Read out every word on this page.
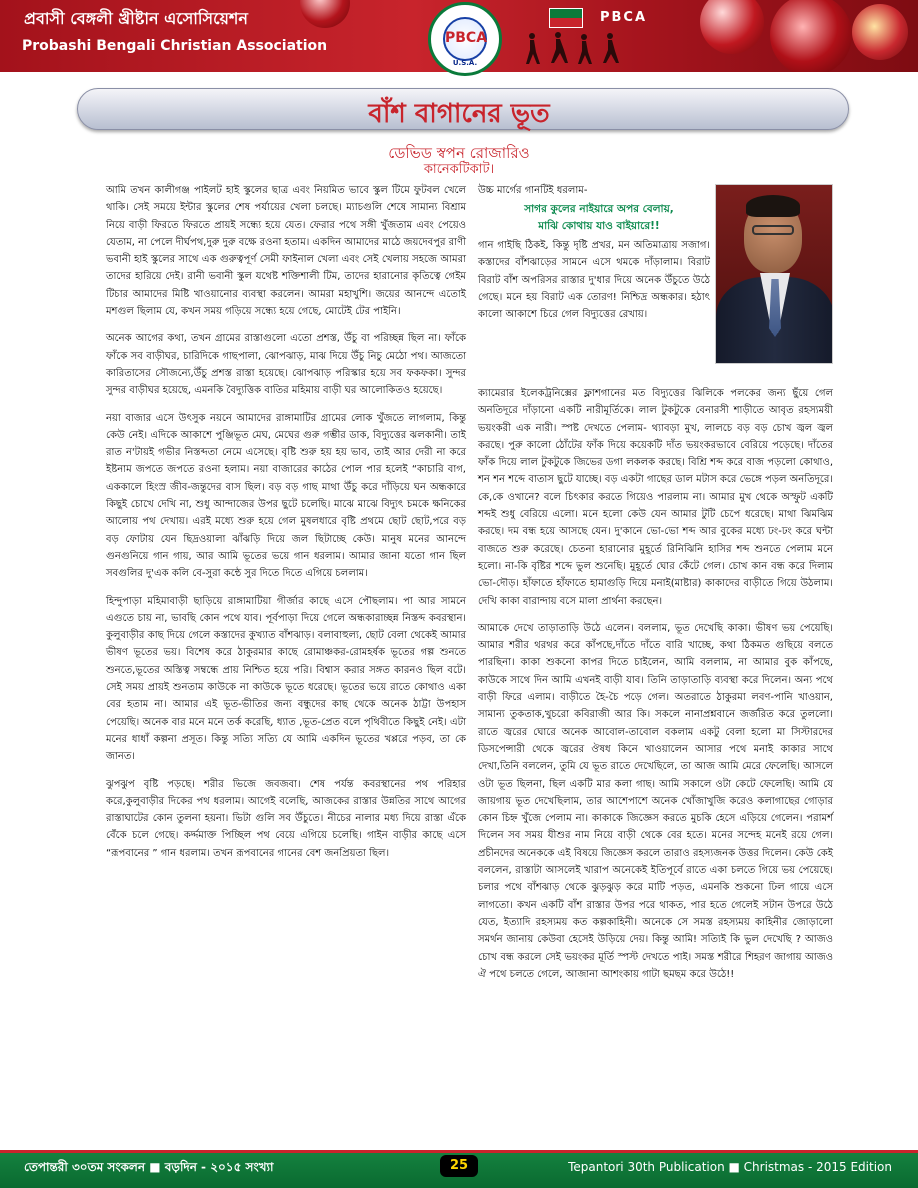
প্রবাসী বেঙ্গলী খ্রীষ্টান এসোসিয়েশন
Probashi Bengali Christian Association
PBCA
PBCA
U.S.A.
বাঁশ বাগানের ভূত
ডেভিড স্বপন রোজারিও
কানেকটিকাট।

আমি তখন কালীগঞ্জ পাইলট হাই স্কুলের ছাত্র এবং নিয়মিত ভাবে স্কুল টিমে ফুটবল খেলে থাকি। সেই সময়ে ইন্টার স্কুলের শেষ পর্যায়ের খেলা চলছে। ম্যাচগুলি শেষে সামান্য বিশ্রাম নিয়ে বাড়ী ফিরতে ফিরতে প্রায়ই সন্ধ্যে হয়ে যেত। ফেরার পথে সঙ্গী খুঁজতাম এবং পেয়েও যেতাম, না পেলে দীর্ঘপথ,দুরু দুরু বক্ষে রওনা হতাম। একদিন আমাদের মাঠে জয়দেবপুর রাণী ভবানী হাই স্কুলের সাথে এক গুরুত্বপূর্ণ সেমী ফাইনাল খেলা এবং সেই খেলায় সহজে আমরা তাদের হারিয়ে দেই। রানী ভবানী স্কুল যথেষ্ট শক্তিশালী টিম, তাদের হারানোর কৃতিত্বে গেইম টিচার আমাদের মিষ্টি খাওয়ানোর ব্যবস্থা করলেন। আমরা মহাখুশি। জয়ের আনন্দে এতোই মশগুল ছিলাম যে, কখন সময় গড়িয়ে সন্ধ্যে হয়ে গেছে, মোটেই টের পাইনি।

অনেক আগের কথা, তখন গ্রামের রাস্তাগুলো এতো প্রশস্ত, উঁচু বা পরিচ্ছন্ন ছিল না। ফাঁকে ফাঁকে সব বাড়ীঘর, চারিদিকে গাছপালা, ঝোপঝাড়, মাঝ দিয়ে উঁচু নিচু মেঠো পথ। আজতো কারিতাসের সৌজন্যে,উঁচু প্রশস্ত রাস্তা হয়েছে। ঝোপঝাড় পরিস্কার হয়ে সব ফকফকা। সুন্দর সুন্দর বাড়ীঘর হয়েছে, এমনকি বৈদ্যুত্তিক বাতির মহিমায় বাড়ী ঘর আলোকিতও হয়েছে।

নয়া বাজার এসে উৎসুক নয়নে আমাদের রাঙ্গামাটির গ্রামের লোক খুঁজতে লাগলাম, কিন্তু কেউ নেই। এদিকে আকাশে পুঞ্জিভূত মেঘ, মেঘের গুরু গম্ভীর ডাক, বিদ্যুত্তের ঝলকানী। তাই রাত ন'টায়ই গভীর নিস্তব্দতা নেমে এসেছে। বৃষ্টি শুরু হয় হয় ভাব, তাই আর দেরী না করে ইষ্টনাম জপতে জপতে রওনা হলাম। নয়া বাজারের কাঠের পোল পার হলেই “কাচারি বাগ, এককালে হিংস্র জীব-জন্তুদের বাস ছিল। বড় বড় গাছ মাথা উঁচু করে দাঁড়িয়ে ঘন অন্ধকারে কিছুই চোখে দেখি না, শুধু আন্দাজের উপর ছুটে চলেছি। মাঝে মাঝে বিদ্যুৎ চমকে ক্ষনিকের আলোয় পথ দেখায়। এরই মধ্যে শুরু হয়ে গেল মুষলধারে বৃষ্টি প্রথমে ছোট ছোট,পরে বড় বড় ফোটায় যেন ছিদ্রওয়ালা ঝাঁঝড়ি দিয়ে জল ছিটাচ্ছে কেউ। মানুষ মনের আনন্দে গুনগুনিয়ে গান গায়, আর আমি ভূতের ভয়ে গান ধরলাম। আমার জানা যতো গান ছিল সবগুলির দু'এক কলি বে-সুরা কন্ঠে সুর দিতে দিতে এগিয়ে চললাম।

হিন্দুপাড়া মহিমাবাড়ী ছাড়িয়ে রাঙ্গামাটিয়া গীর্জার কাছে এসে পৌছলাম। পা আর সামনে এগুতে চায় না, ভাবছি কোন পথে যাব। পূর্বপাড়া দিয়ে গেলে অন্ধকারাচ্ছন্ন নিস্তব্দ কবরস্থান। কুলুবাড়ীর কাছ দিয়ে গেলে কস্তাদের কুখ্যাত বাঁশঝাড়। বলাবাহুল্য, ছোট বেলা থেকেই আমার ভীষণ ভূতের ভয়। বিশেষ করে ঠাকুরমার কাছে রোমাঞ্চকর-রোমহর্ষক ভূতের গল্প শুনতে শুনতে,ভূতের অস্তিত্ব সম্বন্ধে প্রায় নিশ্চিত হয়ে পরি। বিশ্বাস করার সঙ্গত কারনও ছিল বটে। সেই সময় প্রায়ই শুনতাম কাউকে না কাউকে ভূতে ধরেছে। ভূতের ভয়ে রাতে কোথাও একা বের হতাম না। আমার এই ভূত-ভীতির জন্য বন্ধুদের কাছ থেকে অনেক ঠাট্টা উপহাস পেয়েছি। অনেক বার মনে মনে তর্ক করেছি, ধ্যাত ,ভূত-প্রেত বলে পৃথিবীতে কিছুই নেই। এটা মনের ধাধাঁ কল্পনা প্রসূত। কিন্তু সত্যি সত্যি যে আমি একদিন ভূতের খপ্পরে পড়ব, তা কে জানত।

ঝুপঝুপ বৃষ্টি পড়ছে। শরীর ভিজে জবজবা। শেষ পর্যন্ত কবরস্থানের পথ পরিহার করে,কুলুবাড়ীর দিকের পথ ধরলাম। আগেই বলেছি, আজকের রাস্তার উন্নতির সাথে আগের রাস্তাঘাটের কোন তুলনা হয়না। ভিটা গুলি সব উঁচুতে। নীচের নালার মধ্য দিয়ে রাস্তা এঁকে বেঁকে চলে গেছে। কর্দ্দমাক্ত পিচ্ছিল পথ বেয়ে এগিয়ে চলেছি। গাইন বাড়ীর কাছে এসে “রূপবানের ” গান ধরলাম। তখন রূপবানের গানের বেশ জনপ্রিয়তা ছিল।

উচ্চ মার্গের গানটিই ধরলাম-
সাগর কুলের নাইয়ারে অপর বেলায়,
মাঝি কোথায় যাও বাইয়ারে!!
গান গাইছি ঠিকই, কিন্তু দৃষ্টি প্রখর, মন অতিমাত্রায় সজাগ। কস্তাদের বাঁশঝাড়ের সামনে এসে থমকে দাঁড়ালাম। বিরাট বিরাট বাঁশ অপরিসর রাস্তার দু'ধার দিয়ে অনেক উঁচুতে উঠে গেছে। মনে হয় বিরাট এক তোরণ! নিশ্চিদ্র অন্ধকার। হঠাৎ কালো আকাশে চিরে গেল বিদ্যুত্তের রেখায়।

ক্যামেরার ইলেকট্রনিক্সের ফ্লাশগানের মত বিদ্যুত্তের ঝিলিকে পলকের জন্য ছুঁয়ে গেল অনতিদূরে দাঁড়ানো একটি নারীমূর্তিকে। লাল টুকটুকে বেনারসী শাড়ীতে আবৃত রহস্যময়ী ভয়ংকরী এক নারী। স্পষ্ট দেখতে পেলাম- থ্যাবড়া মুখ, লালচে বড় বড় চোখ জ্বল জ্বল করছে। পুরু কালো ঠোঁটের ফাঁক দিয়ে কয়েকটি দাঁত ভয়ংকরভাবে বেরিয়ে পড়েছে। দাঁতের ফাঁক দিয়ে লাল টুকটুকে জিভের ডগা লকলক করছে। বিশ্রি শব্দ করে বাজ পড়লো কোথাও, শন শন শব্দে বাতাস ছুটে যাচ্ছে। বড় একটা গাছের ডাল মটাস করে ভেঙ্গে পড়ল অনতিদূরে। কে,কে ওখানে? বলে চিৎকার করতে গিয়েও পারলাম না। আমার মুখ থেকে অস্ফুট একটি শব্দই শুধু বেরিয়ে এলো। মনে হলো কেউ যেন আমার টুটি চেপে ধরেছে। মাথা ঝিমঝিম করছে। দম বন্ধ হয়ে আসছে যেন। দু'কানে ভো-ভো শব্দ আর বুকের মধ্যে ঢং-ঢং করে ঘন্টা বাজতে শুরু করেছে। চেতনা হারানোর মুহূর্তে রিনিঝিনি হাসির শব্দ শুনতে পেলাম মনে হলো। না-কি বৃষ্টির শব্দে ভুল শুনেছি। মুহূর্তে ঘোর কেঁটে গেল। চোখ কান বন্ধ করে দিলাম ভো-দৌড়। হাঁফাতে হাঁফাতে হামাগুড়ি দিয়ে মনাই(মাষ্টার) কাকাদের বাড়ীতে গিয়ে উঠলাম। দেখি কাকা বারান্দায় বসে মালা প্রার্থনা করছেন।

আমাকে দেখে তাড়াতাড়ি উঠে এলেন। বললাম, ভূত দেখেছি কাকা। ভীষণ ভয় পেয়েছি। আমার শরীর থরথর করে কাঁপছে,দাঁতে দাঁতে বারি খাচ্ছে, কথা ঠিকমত গুছিয়ে বলতে পারছিনা। কাকা শুকনো কাপর দিতে চাইলেন, আমি বললাম, না আমার বুক কাঁপছে, কাউকে সাথে দিন আমি এখনই বাড়ী যাব। তিনি তাড়াতাড়ি ব্যবস্থা করে দিলেন। অন্য পথে বাড়ী ফিরে এলাম। বাড়ীতে হৈ-চৈ পড়ে গেল। অতরাতে ঠাকুরমা লবণ-পানি খাওয়ান, সামান্য তুকতাক,খুচরো কবিরাজী আর কি। সকলে নানাপ্রশ্নবানে জর্জরিত করে তুললো। রাতে জ্বরের ঘোরে অনেক আবোল-তাবোল বকলাম একটু বেলা হলো মা সিস্টারদের ডিসপেন্সারী থেকে জ্বরের ঔষধ কিনে খাওয়ালেন আসার পথে মনাই কাকার সাথে দেখা,তিনি বললেন, তুমি যে ভূত রাতে দেখেছিলে, তা আজ আমি মেরে ফেলেছি। আসলে ওটা ভূত ছিলনা, ছিল একটি মার কলা গাছ। আমি সকালে ওটা কেটে ফেলেছি। আমি যে জায়গায় ভূত দেখেছিলাম, তার আশেপাশে অনেক খোঁজাখুজি করেও কলাগাছের গোড়ার কোন চিহ্ন খুঁজে পেলাম না। কাকাকে জিজ্ঞেস করতে মুচকি হেসে এড়িয়ে গেলেন। পরামর্শ দিলেন সব সময় যীশুর নাম নিয়ে বাড়ী থেকে বের হতে। মনের সন্দেহ মনেই রয়ে গেল। প্রচীনদের অনেককে এই বিষয়ে জিজ্ঞেস করলে তারাও রহস্যজনক উত্তর দিলেন। কেউ কেই বললেন, রাস্তাটা আসলেই খারাপ অনেকেই ইতিপূর্বে রাতে একা চলতে গিয়ে ভয় পেয়েছে। চলার পথে বাঁশঝাড় থেকে ঝুড়ঝুড় করে মাটি পড়ত, এমনকি শুকনো ঢিল গায়ে এসে লাগতো। কখন একটি বাঁশ রাস্তার উপর পরে থাকত, পার হতে গেলেই সটান উপরে উঠে যেত, ইত্যাদি রহস্যময় কত কল্পকাহিনী। অনেকে সে সমস্ত রহস্যময় কাহিনীর জোড়ালো সমর্থন জানায় কেউবা হেসেই উড়িয়ে দেয়। কিন্তু আমি! সত্যিই কি ভুল দেখেছি ? আজও চোখ বন্ধ করলে সেই ভয়ংকর মূর্তি স্পস্ট দেখতে পাই। সমস্ত শরীরে শিহরণ জাগায় আজও ঐ পথে চলতে গেলে, আজানা আশংকায় গাটা ছমছম করে উঠে!!

তেপান্তরী ৩০তম সংকলন ■ বড়দিন - ২০১৫ সংখ্যা	25	Tepantori 30th Publication ■ Christmas - 2015 Edition
